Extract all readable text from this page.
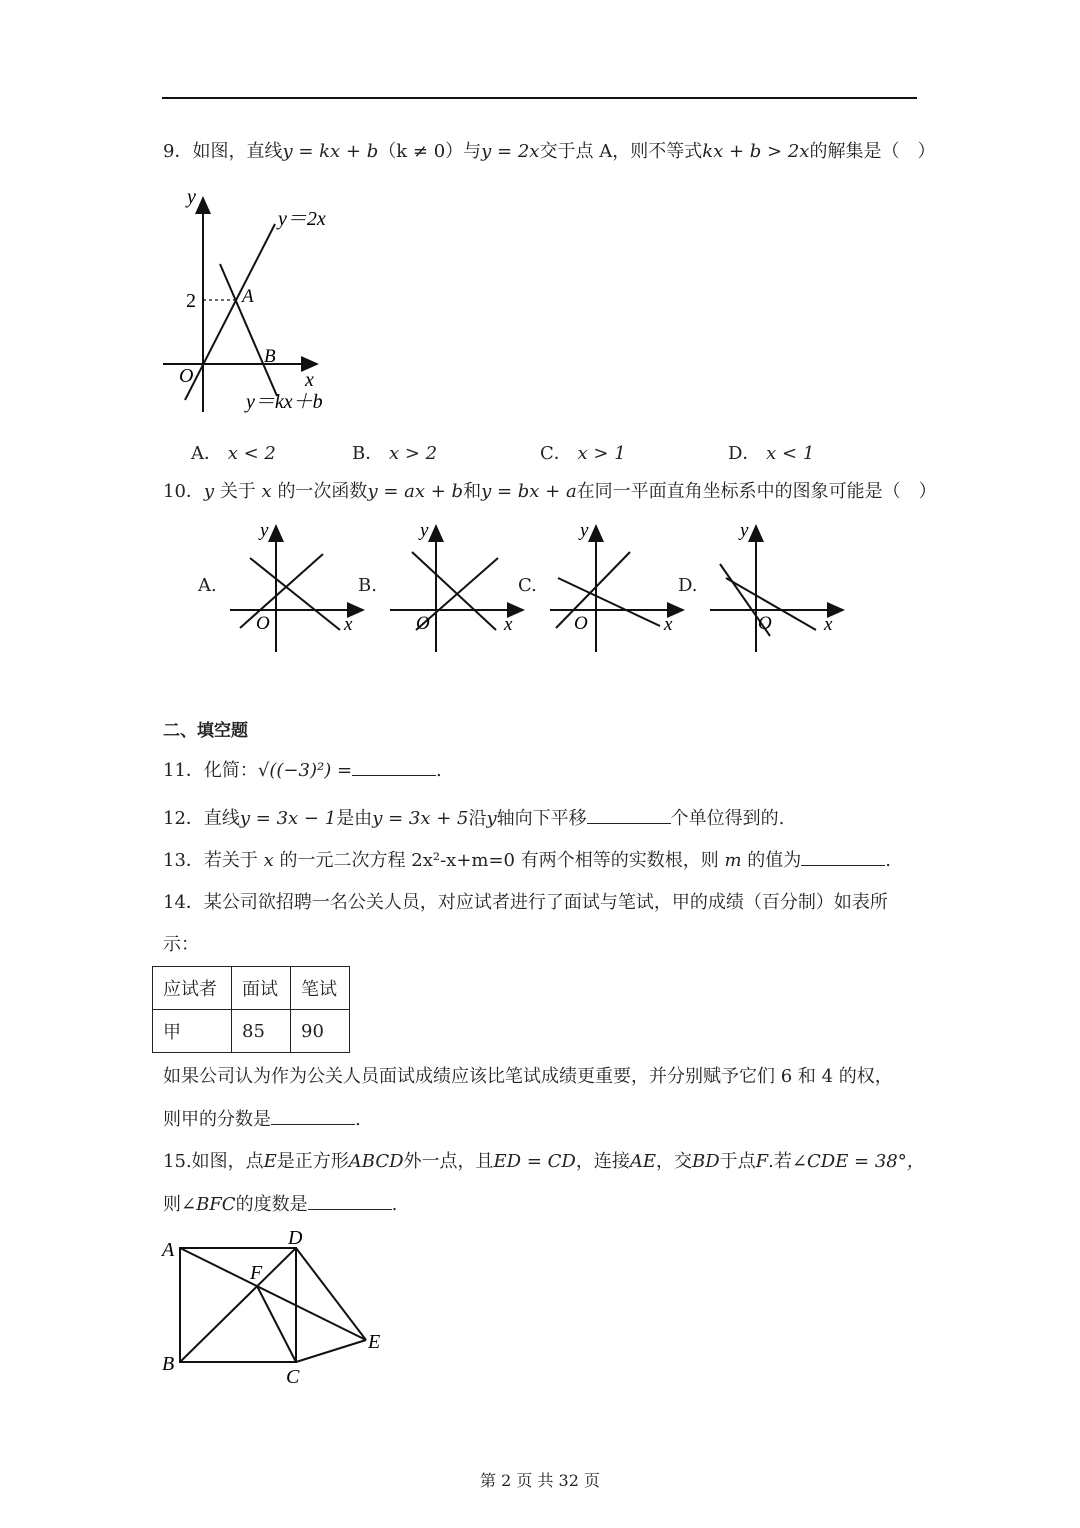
9．如图，直线y = kx + b（k ≠ 0）与y = 2x交于点 A，则不等式kx + b > 2x的解集是（　）
y
x
O
y＝2x
y＝kx＋b
A
B
2
A． x < 2	B． x > 2	C． x > 1	D． x < 1
10．y 关于 x 的一次函数y = ax + b和y = bx + a在同一平面直角坐标系中的图象可能是（　）
A.
y
x
O
B.
y
x
O
C.
y
x
O
D.
y
x
O
二、填空题
11．化简：√((−3)²) =	.
12．直线y = 3x − 1是由y = 3x + 5沿y轴向下平移	个单位得到的.
13．若关于 x 的一元二次方程 2x²-x+m=0 有两个相等的实数根，则 m 的值为	.
14．某公司欲招聘一名公关人员，对应试者进行了面试与笔试，甲的成绩（百分制）如表所
示：
应试者	面试	笔试
甲	85	90
如果公司认为作为公关人员面试成绩应该比笔试成绩更重要，并分别赋予它们 6 和 4 的权，
则甲的分数是	.
15.如图，点E是正方形ABCD外一点，且ED = CD，连接AE，交BD于点F.若∠CDE = 38°，
则∠BFC的度数是	.
A
B
C
D
E
F
第 2 页 共 32 页
